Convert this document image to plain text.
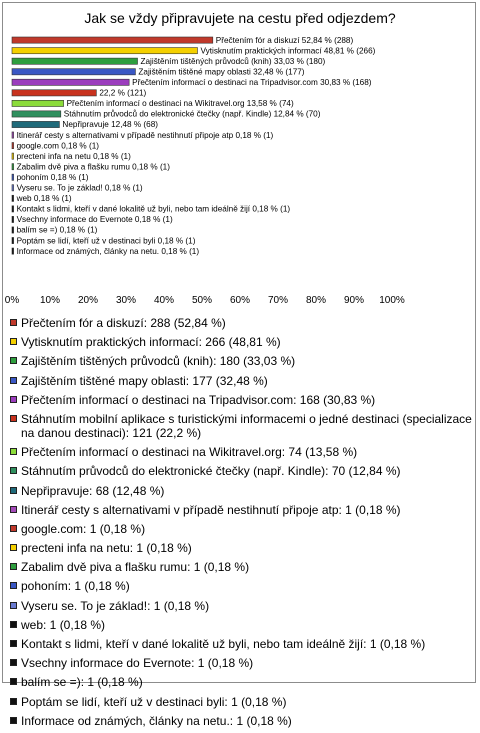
Jak se vždy připravujete na cestu před odjezdem?
Přečtením fór a diskuzí 52,84 % (288)
Vytisknutím praktických informací 48,81 % (266)
Zajištěním tištěných průvodců (knih) 33,03 % (180)
Zajištěním tištěné mapy oblasti 32,48 % (177)
Přečtením informací o destinaci na Tripadvisor.com 30,83 % (168)
22,2 % (121)
Přečtením informací o destinaci na Wikitravel.org 13,58 % (74)
Stáhnutím průvodců do elektronické čtečky (např. Kindle) 12,84 % (70)
Nepřipravuje 12,48 % (68)
Itinerář cesty s alternativami v případě nestihnutí připoje atp 0,18 % (1)
google.com 0,18 % (1)
precteni infa na netu 0,18 % (1)
Zabalim dvě piva a flašku rumu 0,18 % (1)
pohoním 0,18 % (1)
Vyseru se. To je základ! 0,18 % (1)
web 0,18 % (1)
Kontakt s lidmi, kteří v dané lokalitě už byli, nebo tam ideálně žijí 0,18 % (1)
Vsechny informace do Evernote 0,18 % (1)
balím se =) 0,18 % (1)
Poptám se lidí, kteří už v destinaci byli 0,18 % (1)
Informace od známých, články na netu. 0,18 % (1)
0% 10% 20% 30% 40% 50% 60% 70% 80% 90% 100%
Přečtením fór a diskuzí: 288 (52,84 %)
Vytisknutím praktických informací: 266 (48,81 %)
Zajištěním tištěných průvodců (knih): 180 (33,03 %)
Zajištěním tištěné mapy oblasti: 177 (32,48 %)
Přečtením informací o destinaci na Tripadvisor.com: 168 (30,83 %)
Stáhnutím mobilní aplikace s turistickými informacemi o jedné destinaci (specializace na danou destinaci): 121 (22,2 %)
Přečtením informací o destinaci na Wikitravel.org: 74 (13,58 %)
Stáhnutím průvodců do elektronické čtečky (např. Kindle): 70 (12,84 %)
Nepřipravuje: 68 (12,48 %)
Itinerář cesty s alternativami v případě nestihnutí připoje atp: 1 (0,18 %)
google.com: 1 (0,18 %)
precteni infa na netu: 1 (0,18 %)
Zabalim dvě piva a flašku rumu: 1 (0,18 %)
pohoním: 1 (0,18 %)
Vyseru se. To je základ!: 1 (0,18 %)
web: 1 (0,18 %)
Kontakt s lidmi, kteří v dané lokalitě už byli, nebo tam ideálně žijí: 1 (0,18 %)
Vsechny informace do Evernote: 1 (0,18 %)
balím se =): 1 (0,18 %)
Poptám se lidí, kteří už v destinaci byli: 1 (0,18 %)
Informace od známých, články na netu.: 1 (0,18 %)
